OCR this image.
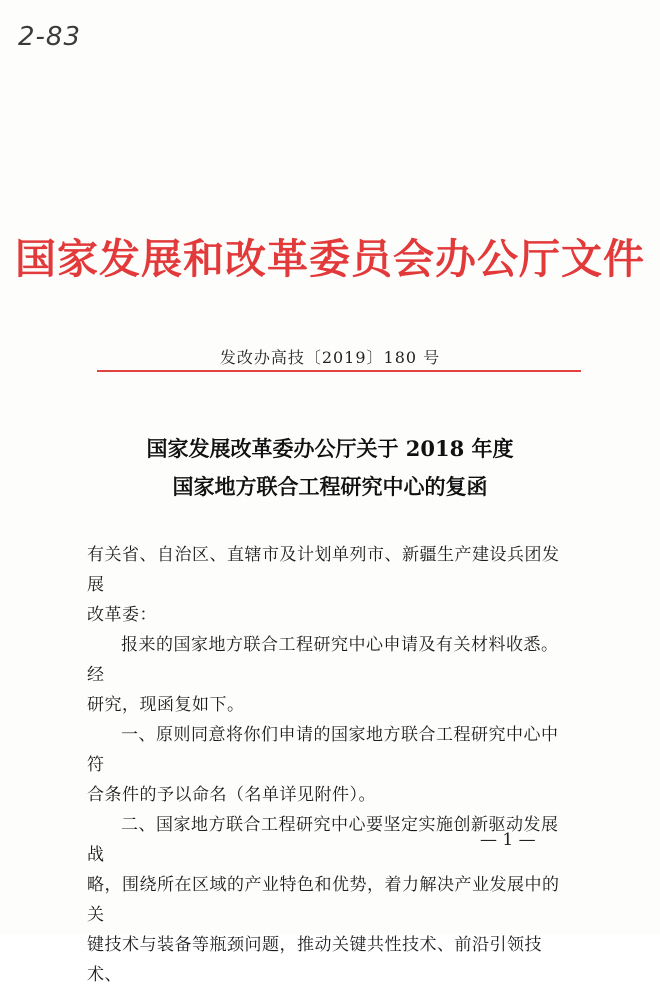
2-83
国家发展和改革委员会办公厅文件
发改办高技〔2019〕180 号
国家发展改革委办公厅关于 2018 年度
国家地方联合工程研究中心的复函

有关省、自治区、直辖市及计划单列市、新疆生产建设兵团发展

改革委：

报来的国家地方联合工程研究中心申请及有关材料收悉。经

研究，现函复如下。

一、原则同意将你们申请的国家地方联合工程研究中心中符

合条件的予以命名（名单详见附件）。

二、国家地方联合工程研究中心要坚定实施创新驱动发展战

略，围绕所在区域的产业特色和优势，着力解决产业发展中的关

键技术与装备等瓶颈问题，推动关键共性技术、前沿引领技术、

— 1 —
